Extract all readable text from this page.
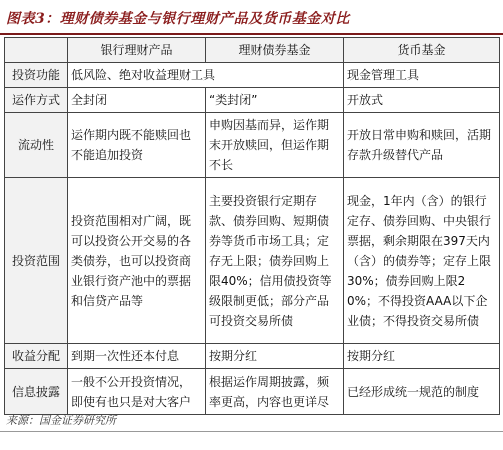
图表3：理财债券基金与银行理财产品及货币基金对比
	银行理财产品	理财债券基金	货币基金
投资功能	低风险、绝对收益理财工具		现金管理工具
运作方式	全封闭	“类封闭”	开放式
流动性	运作期内既不能赎回也不能追加投资	申购因基而异，运作期末开放赎回，但运作期不长	开放日常申购和赎回，活期存款升级替代产品
投资范围	投资范围相对广阔，既可以投资公开交易的各类债券，也可以投资商业银行资产池中的票据和信贷产品等	主要投资银行定期存款、债券回购、短期债券等货币市场工具；定存无上限；债券回购上限40%；信用债投资等级限制更低；部分产品可投资交易所债	现金，1年内（含）的银行定存、债券回购、中央银行票据，剩余期限在397天内（含）的债券等；定存上限30%；债券回购上限20%；不得投资AAA以下企业债；不得投资交易所债
收益分配	到期一次性还本付息	按期分红	按期分红
信息披露	一般不公开投资情况，即使有也只是对大客户	根据运作周期披露，频率更高，内容也更详尽	已经形成统一规范的制度
来源：国金证券研究所
